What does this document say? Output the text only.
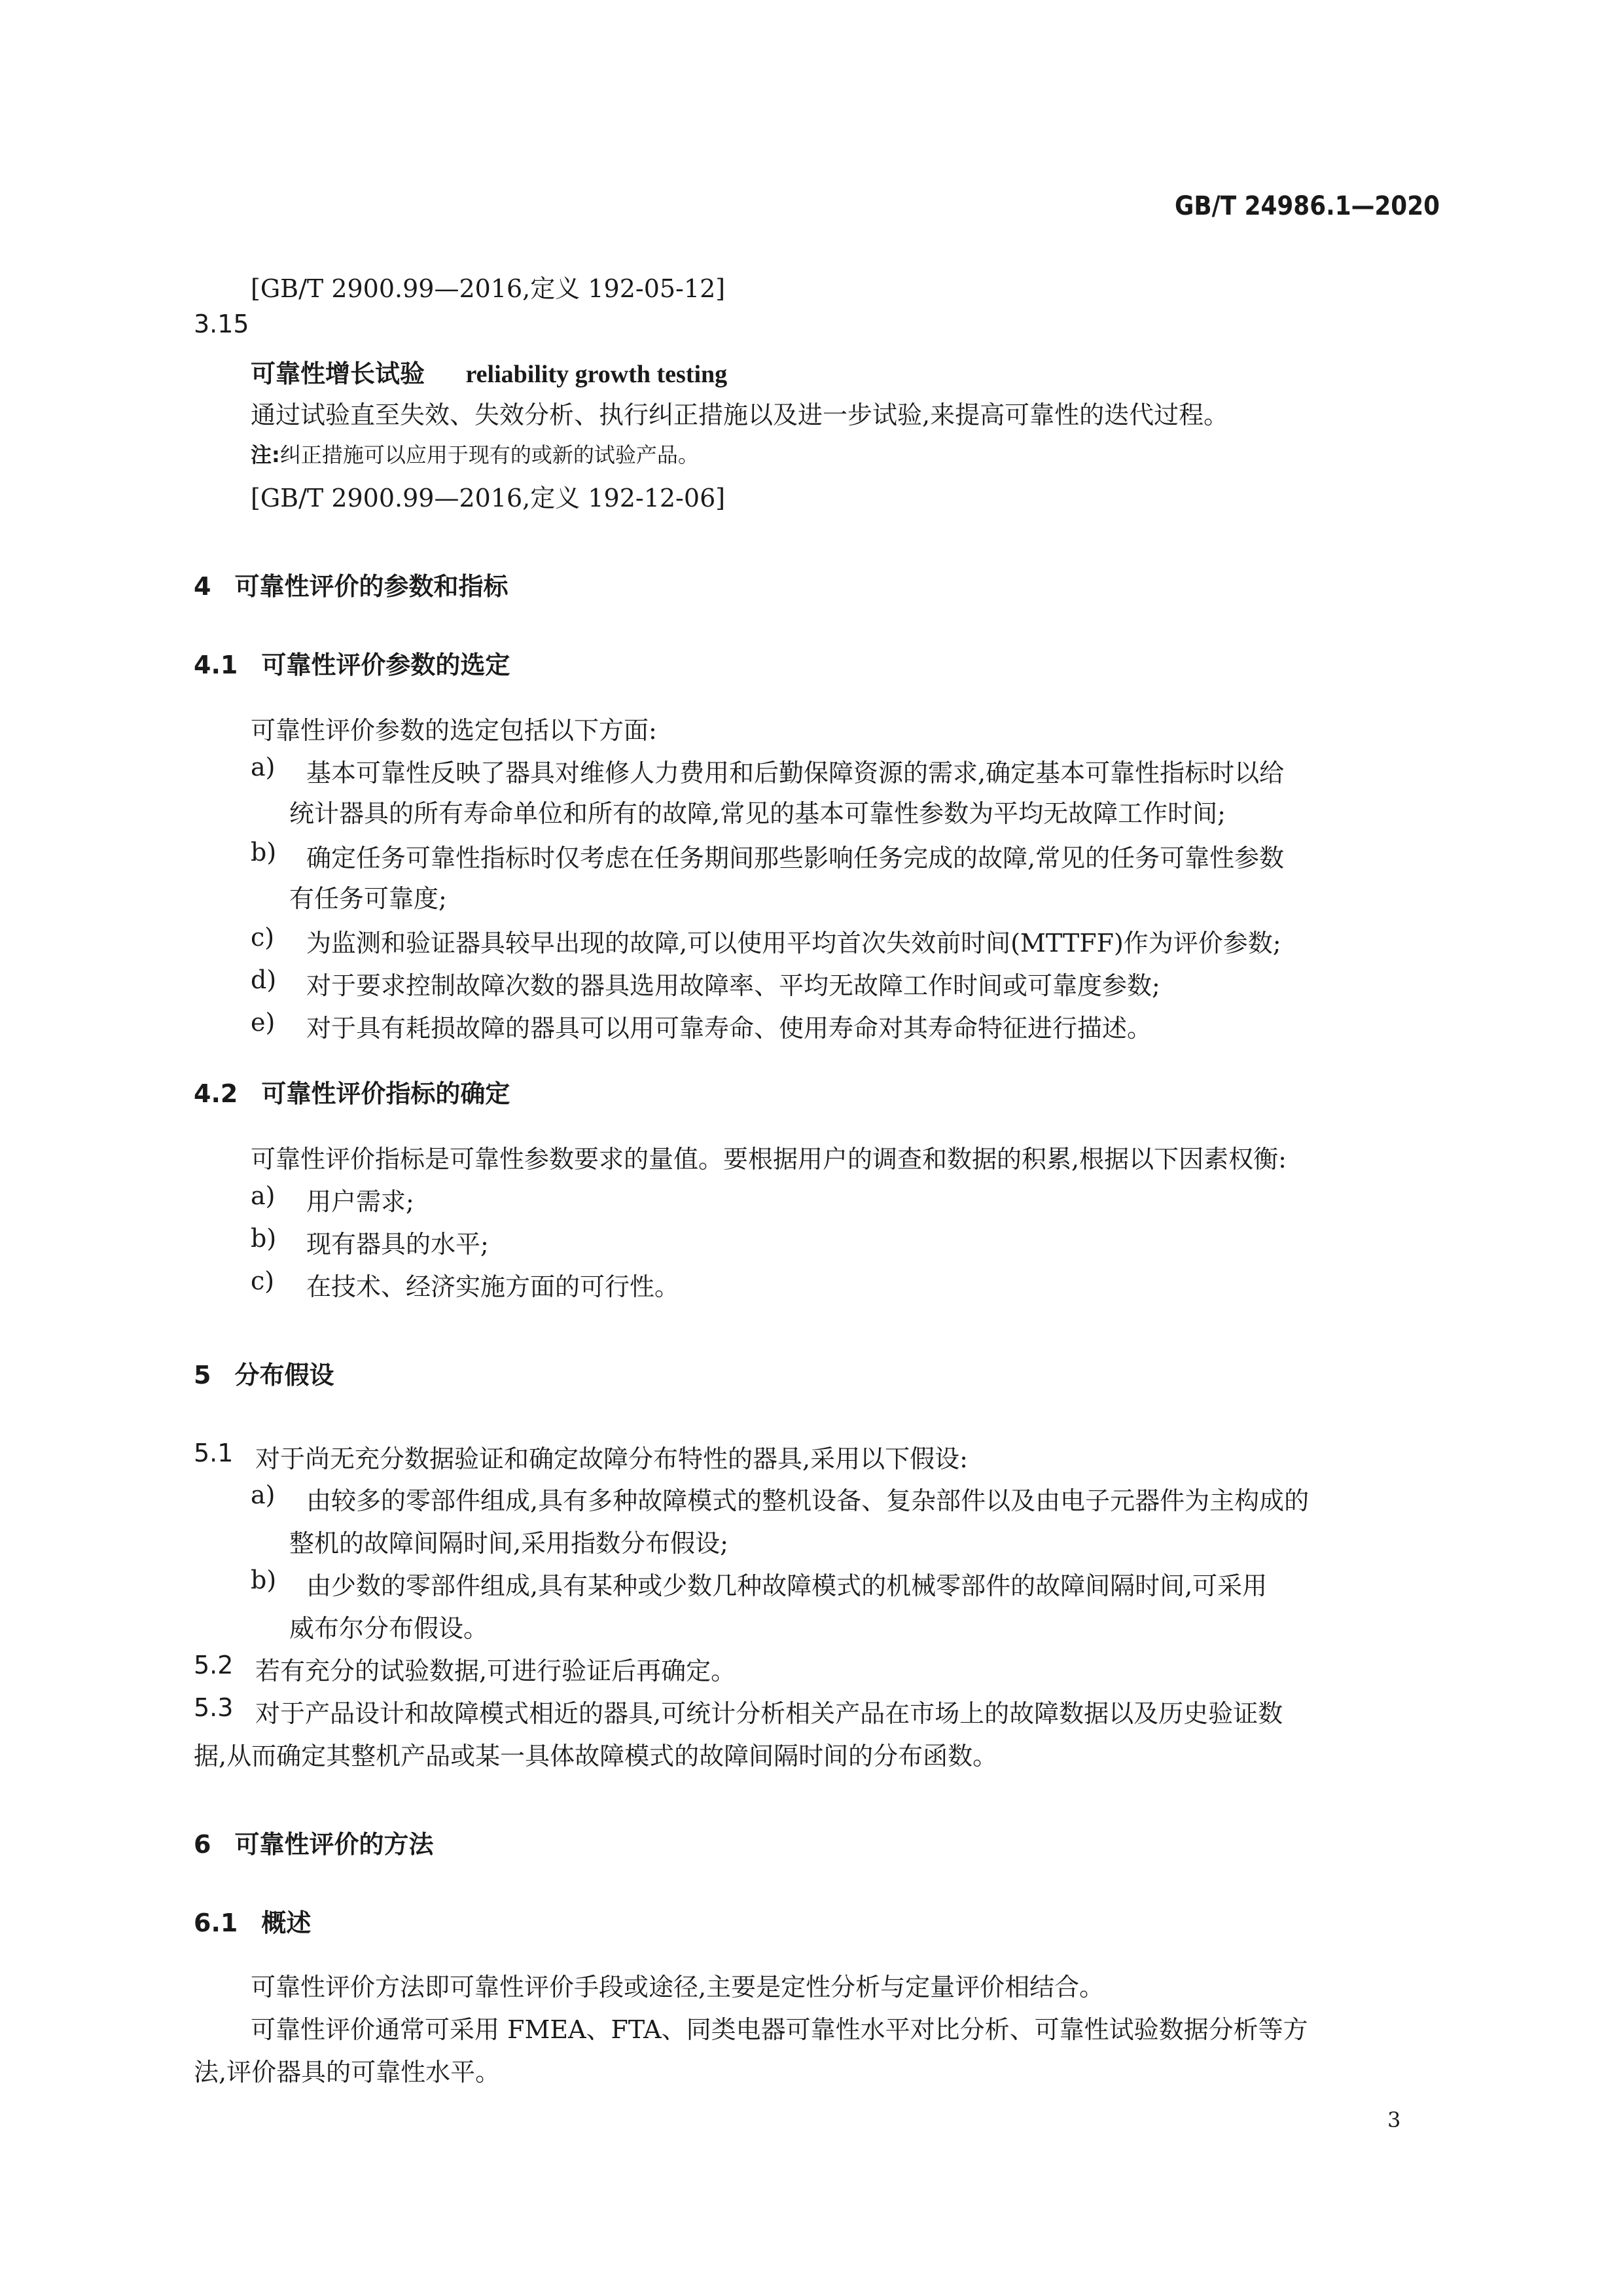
GB/T 24986.1—2020
[GB/T 2900.99—2016,定义 192-05-12]
3.15
可靠性增长试验 reliability growth testing
通过试验直至失效、失效分析、执行纠正措施以及进一步试验,来提高可靠性的迭代过程。
注:纠正措施可以应用于现有的或新的试验产品。
[GB/T 2900.99—2016,定义 192-12-06]
4 可靠性评价的参数和指标
4.1 可靠性评价参数的选定
可靠性评价参数的选定包括以下方面:
a) 基本可靠性反映了器具对维修人力费用和后勤保障资源的需求,确定基本可靠性指标时以给
统计器具的所有寿命单位和所有的故障,常见的基本可靠性参数为平均无故障工作时间;
b) 确定任务可靠性指标时仅考虑在任务期间那些影响任务完成的故障,常见的任务可靠性参数
有任务可靠度;
c) 为监测和验证器具较早出现的故障,可以使用平均首次失效前时间(MTTFF)作为评价参数;
d) 对于要求控制故障次数的器具选用故障率、平均无故障工作时间或可靠度参数;
e) 对于具有耗损故障的器具可以用可靠寿命、使用寿命对其寿命特征进行描述。
4.2 可靠性评价指标的确定
可靠性评价指标是可靠性参数要求的量值。要根据用户的调查和数据的积累,根据以下因素权衡:
a) 用户需求;
b) 现有器具的水平;
c) 在技术、经济实施方面的可行性。
5 分布假设
5.1 对于尚无充分数据验证和确定故障分布特性的器具,采用以下假设:
a) 由较多的零部件组成,具有多种故障模式的整机设备、复杂部件以及由电子元器件为主构成的
整机的故障间隔时间,采用指数分布假设;
b) 由少数的零部件组成,具有某种或少数几种故障模式的机械零部件的故障间隔时间,可采用
威布尔分布假设。
5.2 若有充分的试验数据,可进行验证后再确定。
5.3 对于产品设计和故障模式相近的器具,可统计分析相关产品在市场上的故障数据以及历史验证数
据,从而确定其整机产品或某一具体故障模式的故障间隔时间的分布函数。
6 可靠性评价的方法
6.1 概述
可靠性评价方法即可靠性评价手段或途径,主要是定性分析与定量评价相结合。
可靠性评价通常可采用 FMEA、FTA、同类电器可靠性水平对比分析、可靠性试验数据分析等方
法,评价器具的可靠性水平。
3
